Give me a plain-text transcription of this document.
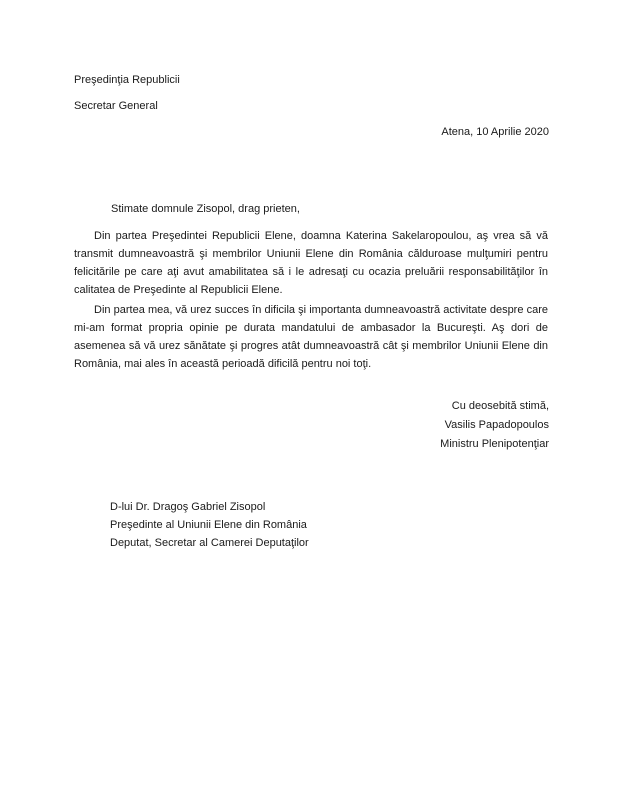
Preşedinţia Republicii
Secretar General
Atena, 10 Aprilie 2020
Stimate domnule Zisopol, drag prieten,
Din partea Preşedintei Republicii Elene, doamna Katerina Sakelaropoulou, aş vrea să vă transmit dumneavoastră şi membrilor Uniunii Elene din România călduroase mulţumiri pentru felicitările pe care aţi avut amabilitatea să i le adresaţi cu ocazia preluării responsabilităţilor în calitatea de Preşedinte al Republicii Elene.
Din partea mea, vă urez succes în dificila şi importanta dumneavoastră activitate despre care mi-am format propria opinie pe durata mandatului de ambasador la Bucureşti. Aş dori de asemenea să vă urez sănătate şi progres atât dumneavoastră cât şi membrilor Uniunii Elene din România, mai ales în această perioadă dificilă pentru noi toţi.
Cu deosebită stimă,
Vasilis Papadopoulos
Ministru Plenipotenţiar
D-lui Dr. Dragoş Gabriel Zisopol
Preşedinte al Uniunii Elene din România
Deputat, Secretar al Camerei Deputaţilor
